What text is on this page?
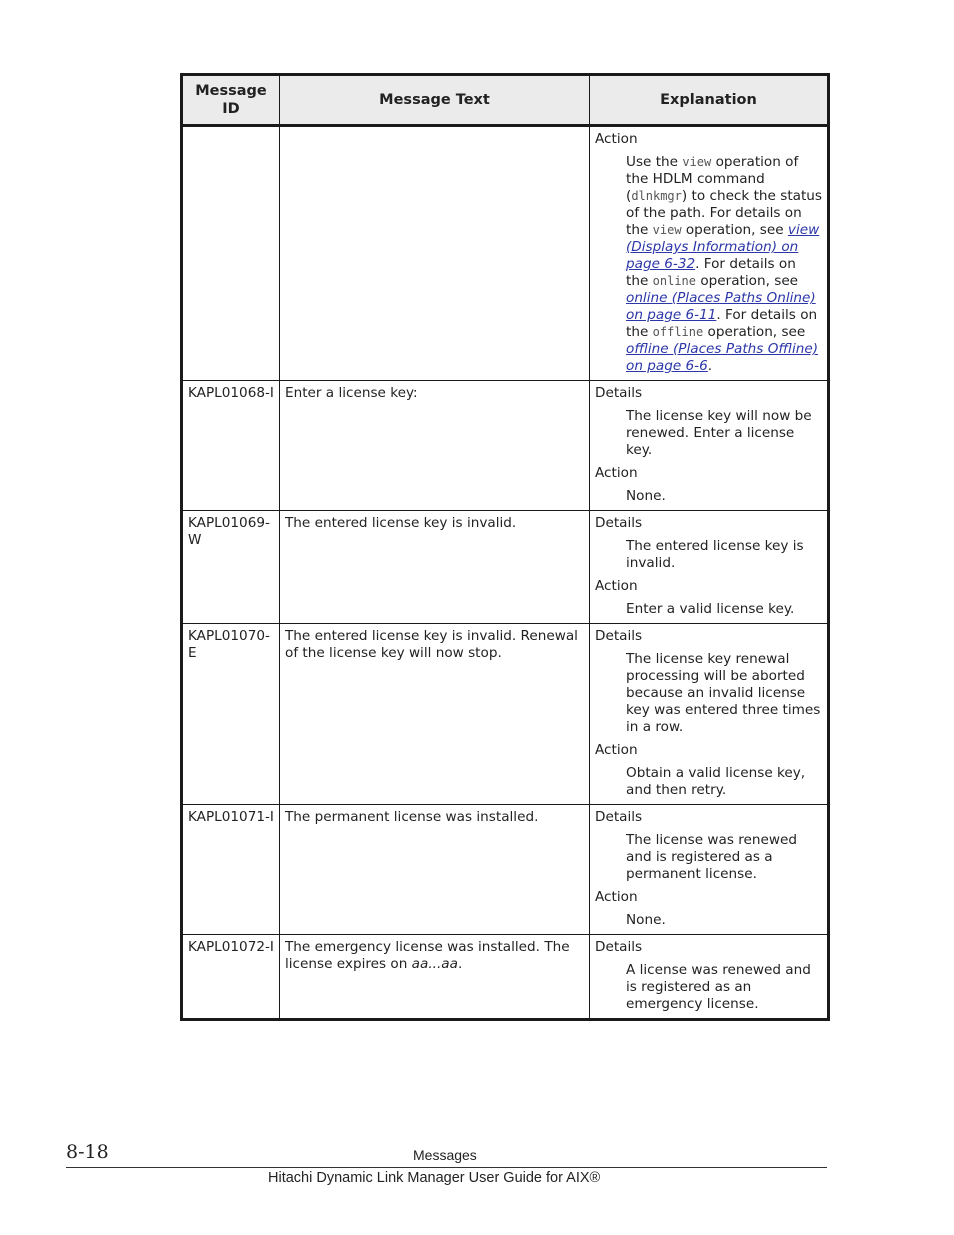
Message ID	Message Text	Explanation

		Action

Use the view operation of the HDLM command (dlnkmgr) to check the status of the path. For details on the view operation, see view (Displays Information) on page 6-32. For details on the online operation, see online (Places Paths Online) on page 6-11. For details on the offline operation, see offline (Places Paths Offline) on page 6-6.

KAPL01068-I	Enter a license key:	Details

The license key will now be renewed. Enter a license key.

Action

None.

KAPL01069-W	The entered license key is invalid.	Details

The entered license key is invalid.

Action

Enter a valid license key.

KAPL01070-E	The entered license key is invalid. Renewal of the license key will now stop.	Details

The license key renewal processing will be aborted because an invalid license key was entered three times in a row.

Action

Obtain a valid license key, and then retry.

KAPL01071-I	The permanent license was installed.	Details

The license was renewed and is registered as a permanent license.

Action

None.

KAPL01072-I	The emergency license was installed. The license expires on aa...aa.	Details

A license was renewed and is registered as an emergency license.

8-18	Messages
Hitachi Dynamic Link Manager User Guide for AIX®
